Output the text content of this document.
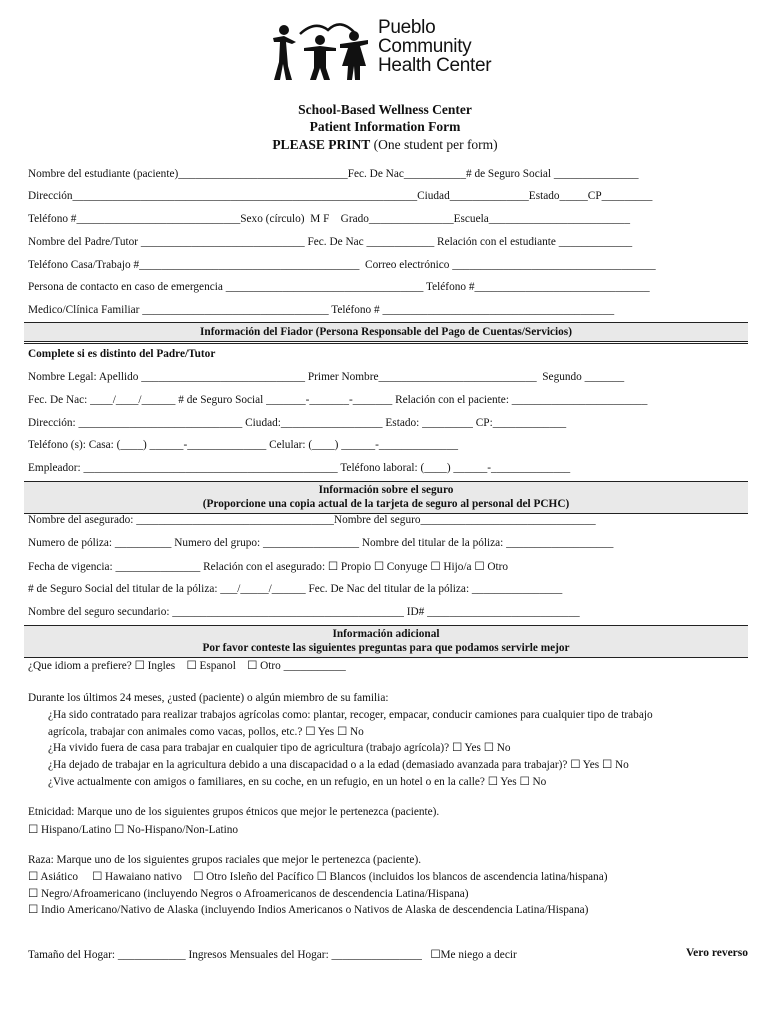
Pueblo
Community
Health Center
School-Based Wellness Center
Patient Information Form
PLEASE PRINT (One student per form)
Nombre del estudiante (paciente)______________________________Fec. De Nac___________# de Seguro Social _______________
Dirección_____________________________________________________________Ciudad______________Estado_____CP_________
Teléfono #_____________________________Sexo (círculo)  M F    Grado_______________Escuela_________________________
Nombre del Padre/Tutor _____________________________ Fec. De Nac ____________ Relación con el estudiante _____________
Teléfono Casa/Trabajo #_______________________________________  Correo electrónico ____________________________________
Persona de contacto en caso de emergencia ___________________________________ Teléfono #_______________________________
Medico/Clínica Familiar _________________________________ Teléfono # _________________________________________
Información del Fiador (Persona Responsable del Pago de Cuentas/Servicios)
Complete si es distinto del Padre/Tutor
Nombre Legal: Apellido _____________________________ Primer Nombre____________________________  Segundo _______
Fec. De Nac: ____/____/______ # de Seguro Social _______-_______-_______ Relación con el paciente: ________________________
Dirección: _____________________________ Ciudad:__________________ Estado: _________ CP:_____________
Teléfono (s): Casa: (____) ______-______________ Celular: (____) ______-______________
Empleador: _____________________________________________ Teléfono laboral: (____) ______-______________
Información sobre el seguro
(Proporcione una copia actual de la tarjeta de seguro al personal del PCHC)
Nombre del asegurado: ___________________________________Nombre del seguro_______________________________
Numero de póliza: __________ Numero del grupo: _________________ Nombre del titular de la póliza: ___________________
Fecha de vigencia: _______________ Relación con el asegurado: ☐ Propio ☐ Conyuge ☐ Hijo/a ☐ Otro
# de Seguro Social del titular de la póliza: ___/_____/______ Fec. De Nac del titular de la póliza: ________________
Nombre del seguro secundario: _________________________________________ ID# ___________________________
Información adicional
Por favor conteste las siguientes preguntas para que podamos servirle mejor
¿Que idiom a prefiere? ☐ Ingles    ☐ Espanol    ☐ Otro ___________
Durante los últimos 24 meses, ¿usted (paciente) o algún miembro de su familia:
¿Ha sido contratado para realizar trabajos agrícolas como: plantar, recoger, empacar, conducir camiones para cualquier tipo de trabajo
agrícola, trabajar con animales como vacas, pollos, etc.? ☐ Yes ☐ No
¿Ha vivido fuera de casa para trabajar en cualquier tipo de agricultura (trabajo agrícola)? ☐ Yes ☐ No
¿Ha dejado de trabajar en la agricultura debido a una discapacidad o a la edad (demasiado avanzada para trabajar)? ☐ Yes ☐ No
¿Vive actualmente con amigos o familiares, en su coche, en un refugio, en un hotel o en la calle? ☐ Yes ☐ No
Etnicidad: Marque uno de los siguientes grupos étnicos que mejor le pertenezca (paciente).
☐ Hispano/Latino ☐ No-Hispano/Non-Latino
Raza: Marque uno de los siguientes grupos raciales que mejor le pertenezca (paciente).
☐ Asiático     ☐ Hawaiano nativo    ☐ Otro Isleño del Pacífico ☐ Blancos (incluidos los blancos de ascendencia latina/hispana)
☐ Negro/Afroamericano (incluyendo Negros o Afroamericanos de descendencia Latina/Hispana)
☐ Indio Americano/Nativo de Alaska (incluyendo Indios Americanos o Nativos de Alaska de descendencia Latina/Hispana)
Tamaño del Hogar: ____________ Ingresos Mensuales del Hogar: ________________   ☐Me niego a decir	Vero reverso
